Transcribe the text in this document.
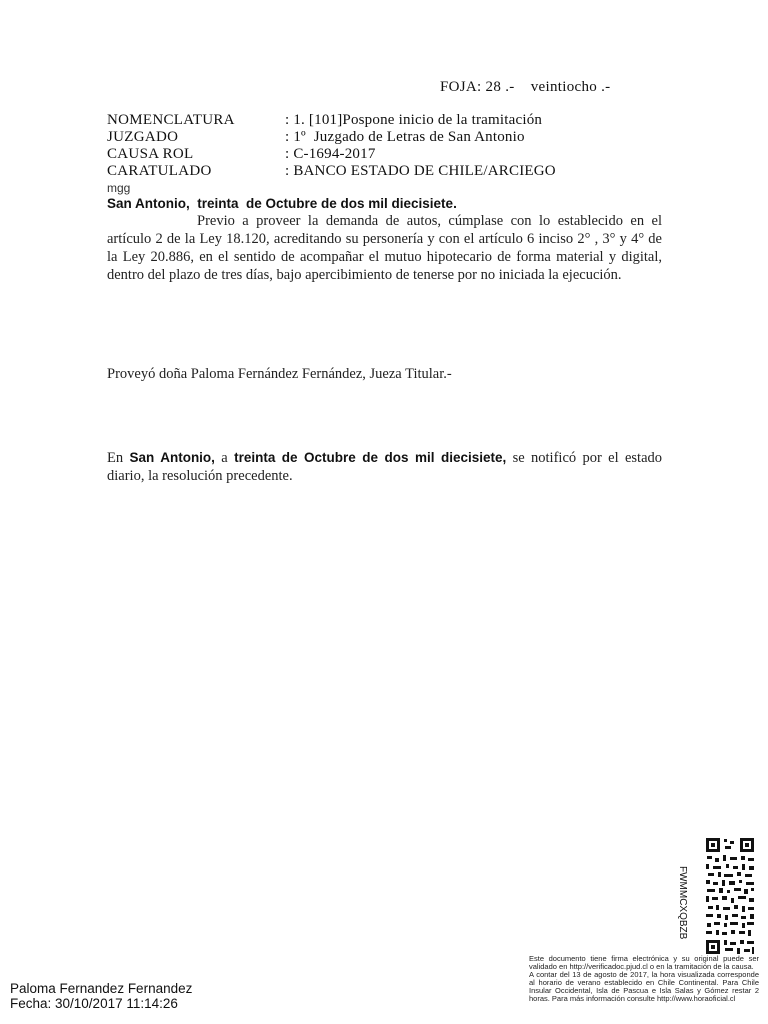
FOJA: 28 .-    veintiocho .-
NOMENCLATURA	: 1. [101]Pospone inicio de la tramitación
JUZGADO	: 1º  Juzgado de Letras de San Antonio
CAUSA ROL	: C-1694-2017
CARATULADO	: BANCO ESTADO DE CHILE/ARCIEGO
mgg
San Antonio,  treinta  de Octubre de dos mil diecisiete.
Previo a proveer la demanda de autos, cúmplase con lo establecido en el artículo 2 de la Ley 18.120, acreditando su personería y con el artículo 6 inciso 2° , 3° y 4° de la Ley 20.886, en el sentido de acompañar el mutuo hipotecario de forma material y digital, dentro del plazo de tres días, bajo apercibimiento de tenerse por no iniciada la ejecución.
Proveyó doña Paloma Fernández Fernández, Jueza Titular.-
En San Antonio, a treinta de Octubre de dos mil diecisiete, se notificó por el estado diario, la resolución precedente.
FWMMCXQBZB
Este documento tiene firma electrónica y su original puede ser validado en http://verificadoc.pjud.cl o en la tramitación de la causa.
A contar del 13 de agosto de 2017, la hora visualizada corresponde al horario de verano establecido en Chile Continental. Para Chile Insular Occidental, Isla de Pascua e Isla Salas y Gómez restar 2 horas. Para más información consulte http://www.horaoficial.cl
Paloma Fernandez Fernandez
Fecha: 30/10/2017 11:14:26
